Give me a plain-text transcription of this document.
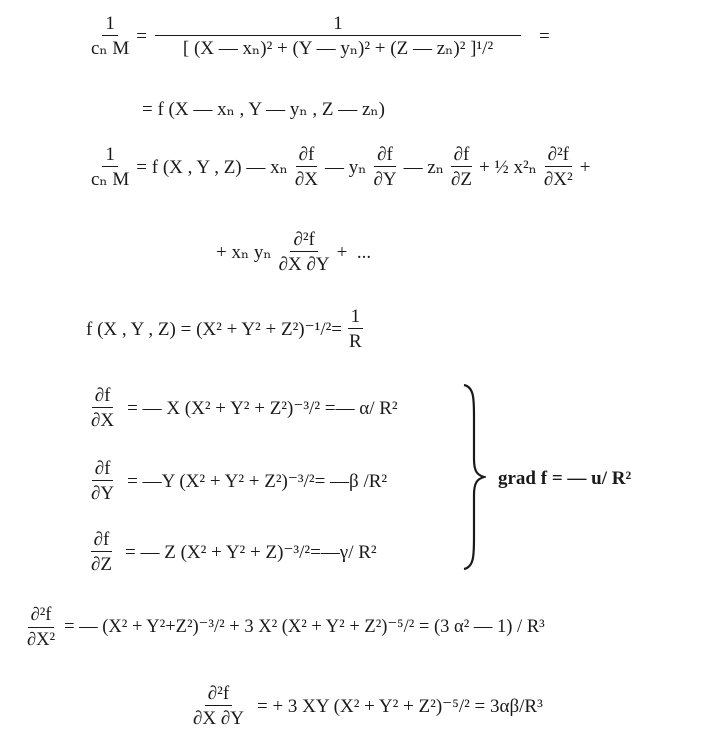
$\frac{1}{\text{cₙ M}} = \frac{1}{\text{[ (X — xₙ)² + (Y — yₙ)² + (Z — zₙ)² ]¹/²}}$ =
= f (X — xₙ , Y — yₙ , Z — zₙ)
$\frac{1}{\text{cₙ M}} = f$ (X , Y , Z) — xₙ $\frac{\partial f}{\partial X}$ — yₙ $\frac{\partial f}{\partial Y}$ — zₙ $\frac{\partial f}{\partial Z}$ + ½ $x^2_n \frac{\text{∂²f}}{\text{∂X²}}$ +
+ xₙ yₙ $\frac{\text{∂²f}}{\partial X \partial Y}$ +  ...
f (X , Y , $Z) = (X^2 + Y^2 + Z^2)^{-1}/^2= \frac{1}{R}$
$\frac{\partial f}{\partial X}$ = — X (X² + Y² + Z²)⁻³/² =— α/ R²
$\frac{\partial f}{\partial Y}$ = —Y (X² + Y² + Z²)⁻³/²= —β /R²
$\frac{\partial f}{\partial Z}$ = — Z (X² + Y² + Z)⁻³/²=—γ/ R²
grad f = — u/ R²
$\frac{\text{∂²f}}{\text{∂X²}}$ = — (X² + Y²+Z²)⁻³/² + 3 X² (X² + Y² + Z²)⁻⁵/² = (3 α² — 1) / R³
$\frac{\text{∂²f}}{\partial X \partial Y}$ = + 3 XY (X² + Y² + Z²)⁻⁵/² = 3αβ/R³
